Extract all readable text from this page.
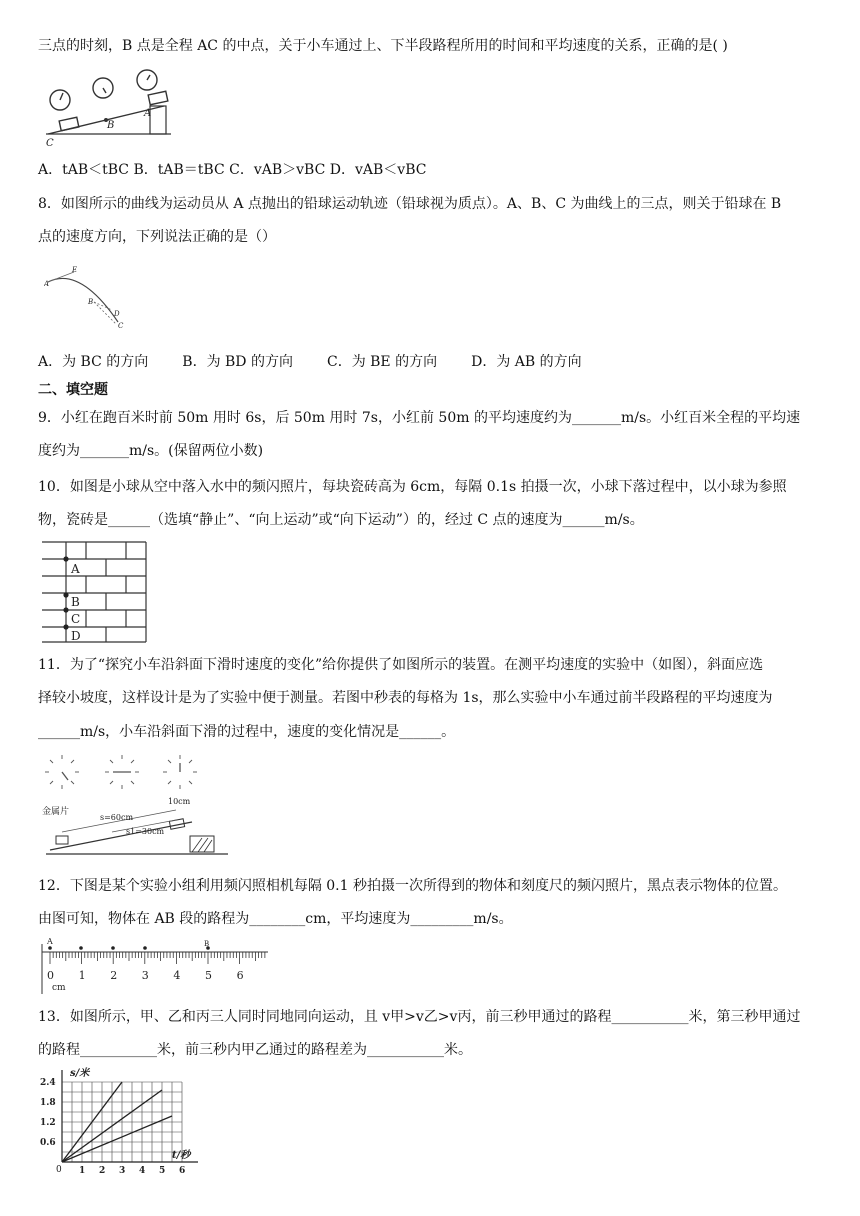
三点的时刻，B 点是全程 AC 的中点，关于小车通过上、下半段路程所用的时间和平均速度的关系，正确的是( )
C
B
A
A．tAB＜tBC B．tAB＝tBC C．vAB＞vBC D．vAB＜vBC
8．如图所示的曲线为运动员从 A 点抛出的铅球运动轨迹（铅球视为质点）。A、B、C 为曲线上的三点，则关于铅球在 B
点的速度方向，下列说法正确的是（）
A
E
B
D
C
A．为 BC 的方向 B．为 BD 的方向 C．为 BE 的方向 D．为 AB 的方向
二、填空题
9．小红在跑百米时前 50m 用时 6s，后 50m 用时 7s，小红前 50m 的平均速度约为_______m/s。小红百米全程的平均速
度约为_______m/s。(保留两位小数)
10．如图是小球从空中落入水中的频闪照片，每块瓷砖高为 6cm，每隔 0.1s 拍摄一次，小球下落过程中，以小球为参照
物，瓷砖是______（选填“静止”、“向上运动”或“向下运动”）的，经过 C 点的速度为______m/s。
A
B
C
D
11．为了“探究小车沿斜面下滑时速度的变化”给你提供了如图所示的装置。在测平均速度的实验中（如图），斜面应选
择较小坡度，这样设计是为了实验中便于测量。若图中秒表的每格为 1s，那么实验中小车通过前半段路程的平均速度为
______m/s，小车沿斜面下滑的过程中，速度的变化情况是______。
金属片
s=60cm
s1=30cm
10cm
12．下图是某个实验小组利用频闪照相机每隔 0.1 秒拍摄一次所得到的物体和刻度尺的频闪照片，黑点表示物体的位置。
由图可知，物体在 AB 段的路程为________cm，平均速度为_________m/s。
A	B
0 1 2 3 4 5 6
cm
13．如图所示，甲、乙和丙三人同时同地同向运动，且 v甲>v乙>v丙，前三秒甲通过的路程___________米，第三秒甲通过
的路程___________米，前三秒内甲乙通过的路程差为___________米。
s/米
t/秒
0
0.6
1.2
1.8
2.4
1 2 3 4 5 6
